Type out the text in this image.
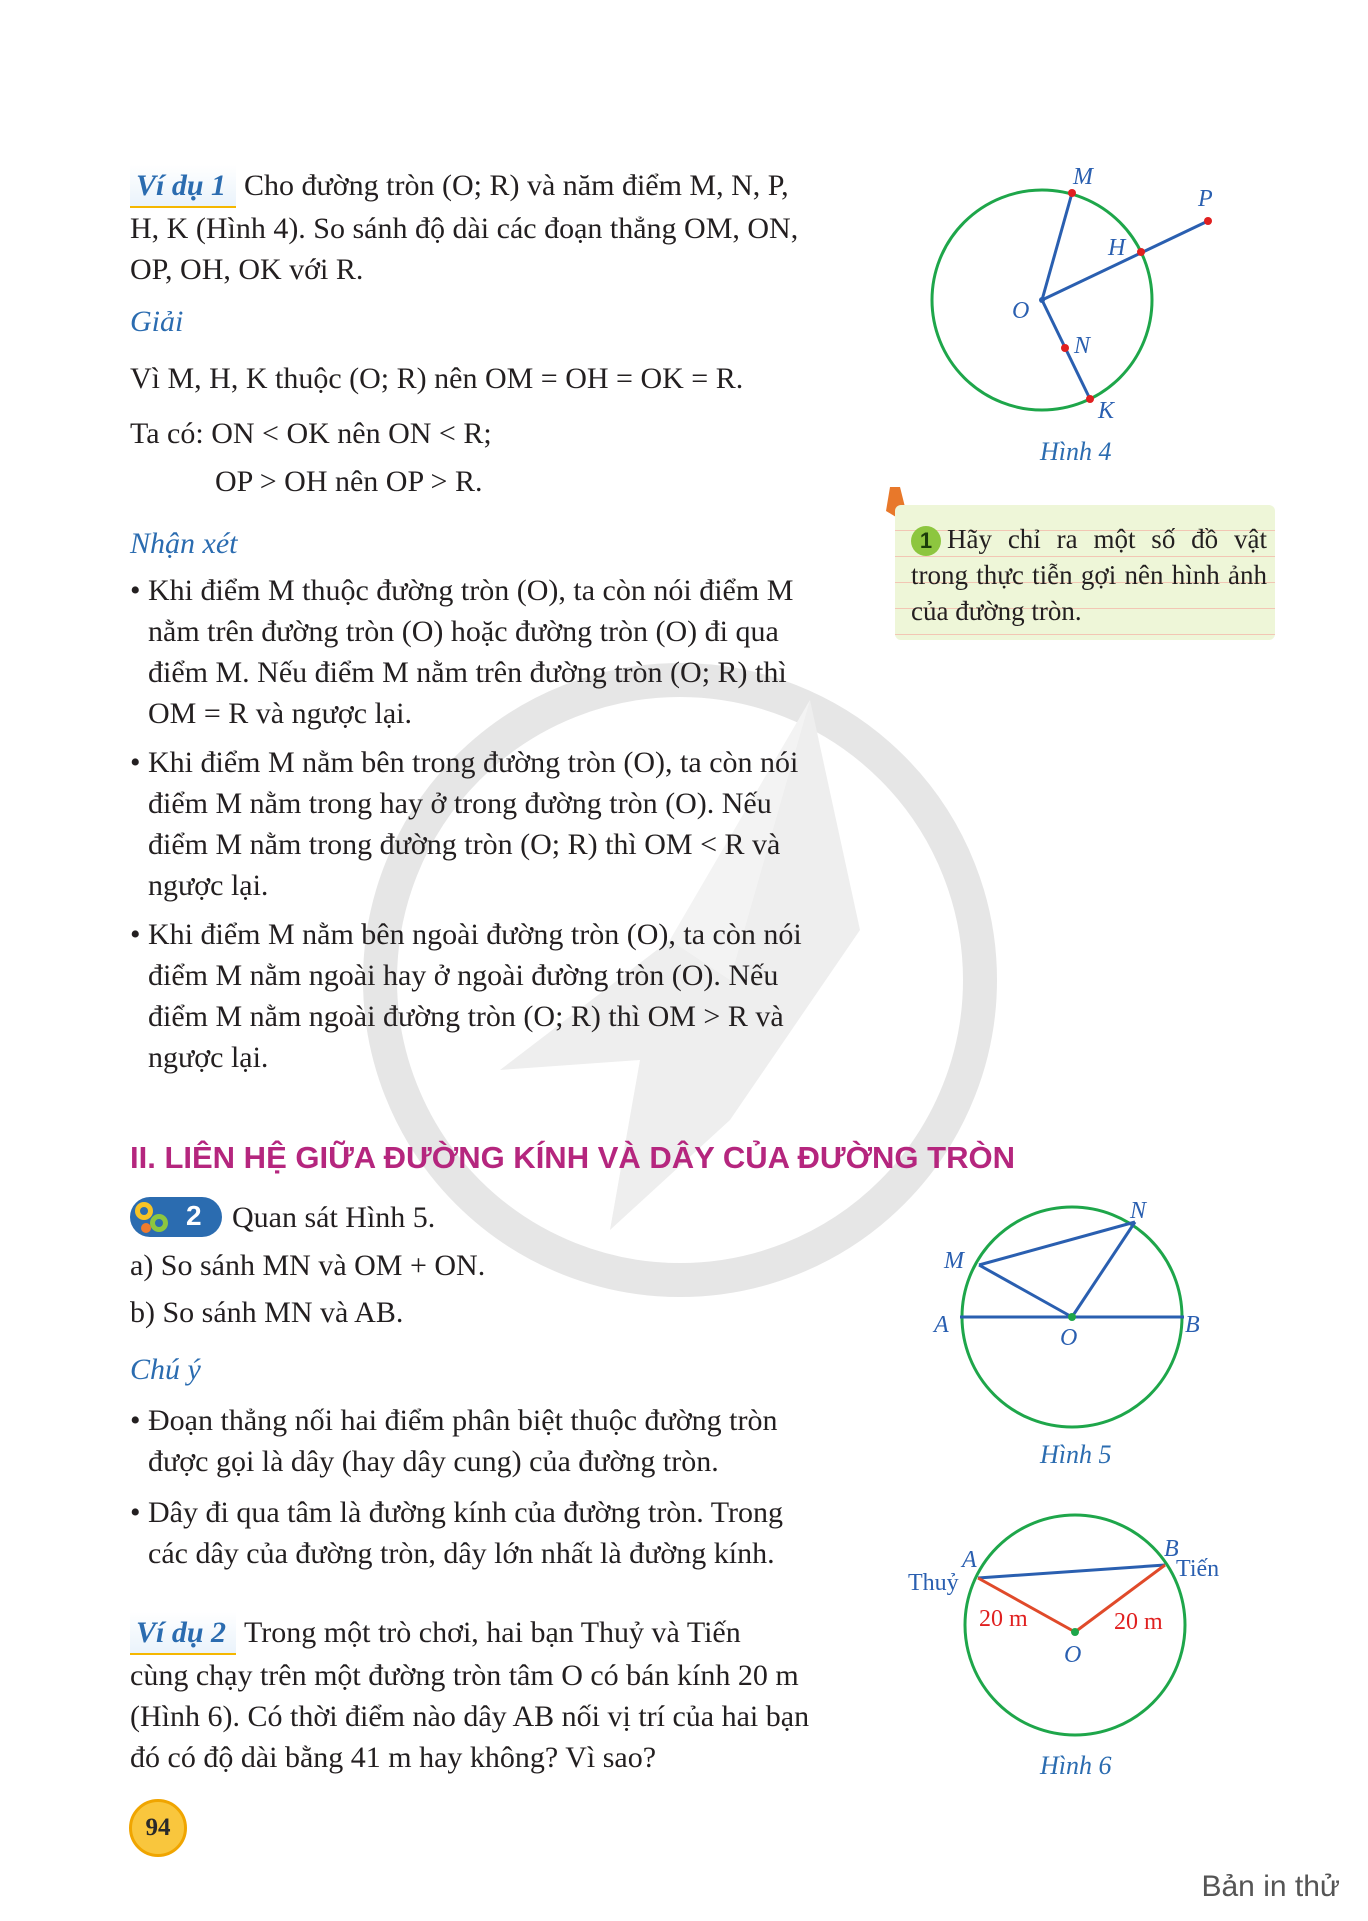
Ví dụ 1 Cho đường tròn (O; R) và năm điểm M, N, P,
H, K (Hình 4). So sánh độ dài các đoạn thẳng OM, ON,
OP, OH, OK với R.
Giải
Vì M, H, K thuộc (O; R) nên OM = OH = OK = R.
Ta có: ON < OK nên ON < R;
OP > OH nên OP > R.
Nhận xét
• Khi điểm M thuộc đường tròn (O), ta còn nói điểm M
nằm trên đường tròn (O) hoặc đường tròn (O) đi qua
điểm M. Nếu điểm M nằm trên đường tròn (O; R) thì
OM = R và ngược lại.
• Khi điểm M nằm bên trong đường tròn (O), ta còn nói
điểm M nằm trong hay ở trong đường tròn (O). Nếu
điểm M nằm trong đường tròn (O; R) thì OM < R và
ngược lại.
• Khi điểm M nằm bên ngoài đường tròn (O), ta còn nói
điểm M nằm ngoài hay ở ngoài đường tròn (O). Nếu
điểm M nằm ngoài đường tròn (O; R) thì OM > R và
ngược lại.
M
P
H
O
N
K
Hình 4
1 Hãy chỉ ra một số đồ vật trong thực tiễn gợi nên hình ảnh của đường tròn.
II. LIÊN HỆ GIỮA ĐƯỜNG KÍNH VÀ DÂY CỦA ĐƯỜNG TRÒN
2 Quan sát Hình 5.
a) So sánh MN và OM + ON.
b) So sánh MN và AB.
N
M
A	O	B
Hình 5
Chú ý
• Đoạn thẳng nối hai điểm phân biệt thuộc đường tròn
được gọi là dây (hay dây cung) của đường tròn.
• Dây đi qua tâm là đường kính của đường tròn. Trong
các dây của đường tròn, dây lớn nhất là đường kính.
Ví dụ 2 Trong một trò chơi, hai bạn Thuỷ và Tiến
cùng chạy trên một đường tròn tâm O có bán kính 20 m
(Hình 6). Có thời điểm nào dây AB nối vị trí của hai bạn
đó có độ dài bằng 41 m hay không? Vì sao?
A	B
O
Thuỷ
Tiến
20 m	20 m
Hình 6
94
Bản in thử
